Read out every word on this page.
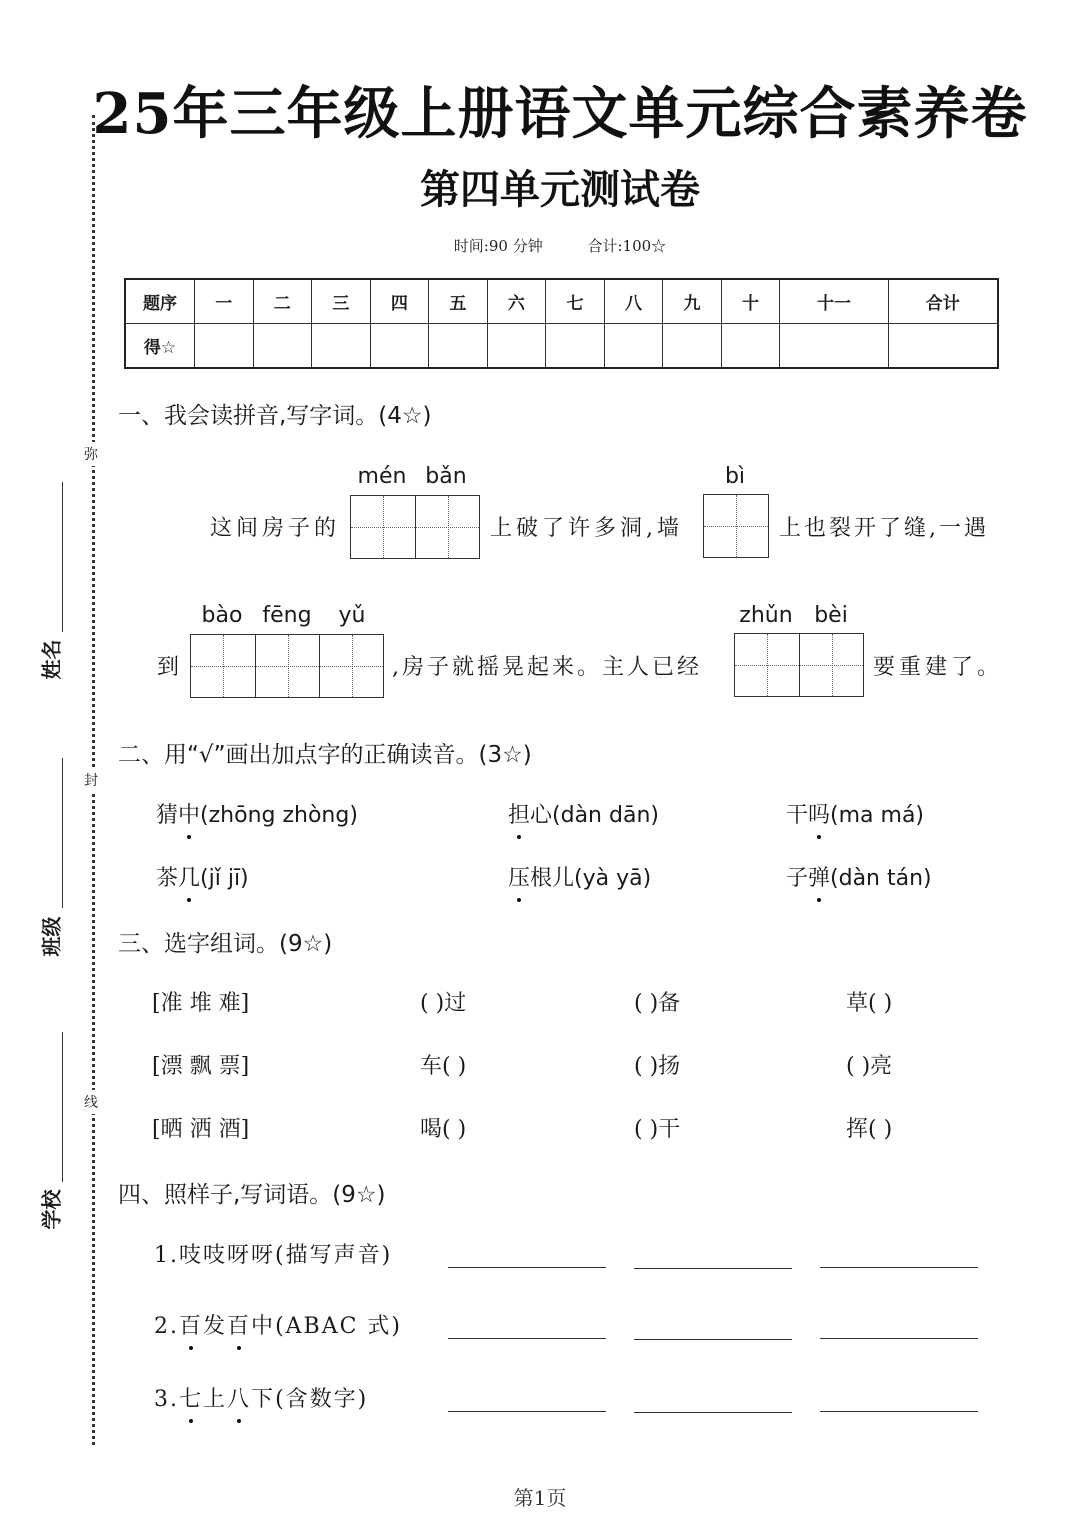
弥
封
线
姓名
班级
学校
25年三年级上册语文单元综合素养卷
第四单元测试卷
时间:90 分钟	合计:100☆
题序	一	二	三	四	五	六	七	八	九	十	十一	合计
得☆												
一、我会读拼音,写字词。(4☆)
这间房子的
mén bǎn
上破了许多洞,墙
bì
上也裂开了缝,一遇
到
bào fēng	yǔ
,房子就摇晃起来。主人已经
zhǔn bèi
要重建了。
二、用“√”画出加点字的正确读音。(3☆)
猜中(zhōng zhòng)	担心(dàn dān)	干吗(ma má)
茶几(jǐ jī)	压根儿(yà yā)	子弹(dàn tán)
三、选字组词。(9☆)
[准 堆 难]	( )过	( )备	草( )
[漂 飘 票]	车( )	( )扬	( )亮
[晒 洒 酒]	喝( )	( )干	挥( )
四、照样子,写词语。(9☆)
1.吱吱呀呀(描写声音)
2.百发百中(ABAC 式)
3.七上八下(含数字)
第1页
